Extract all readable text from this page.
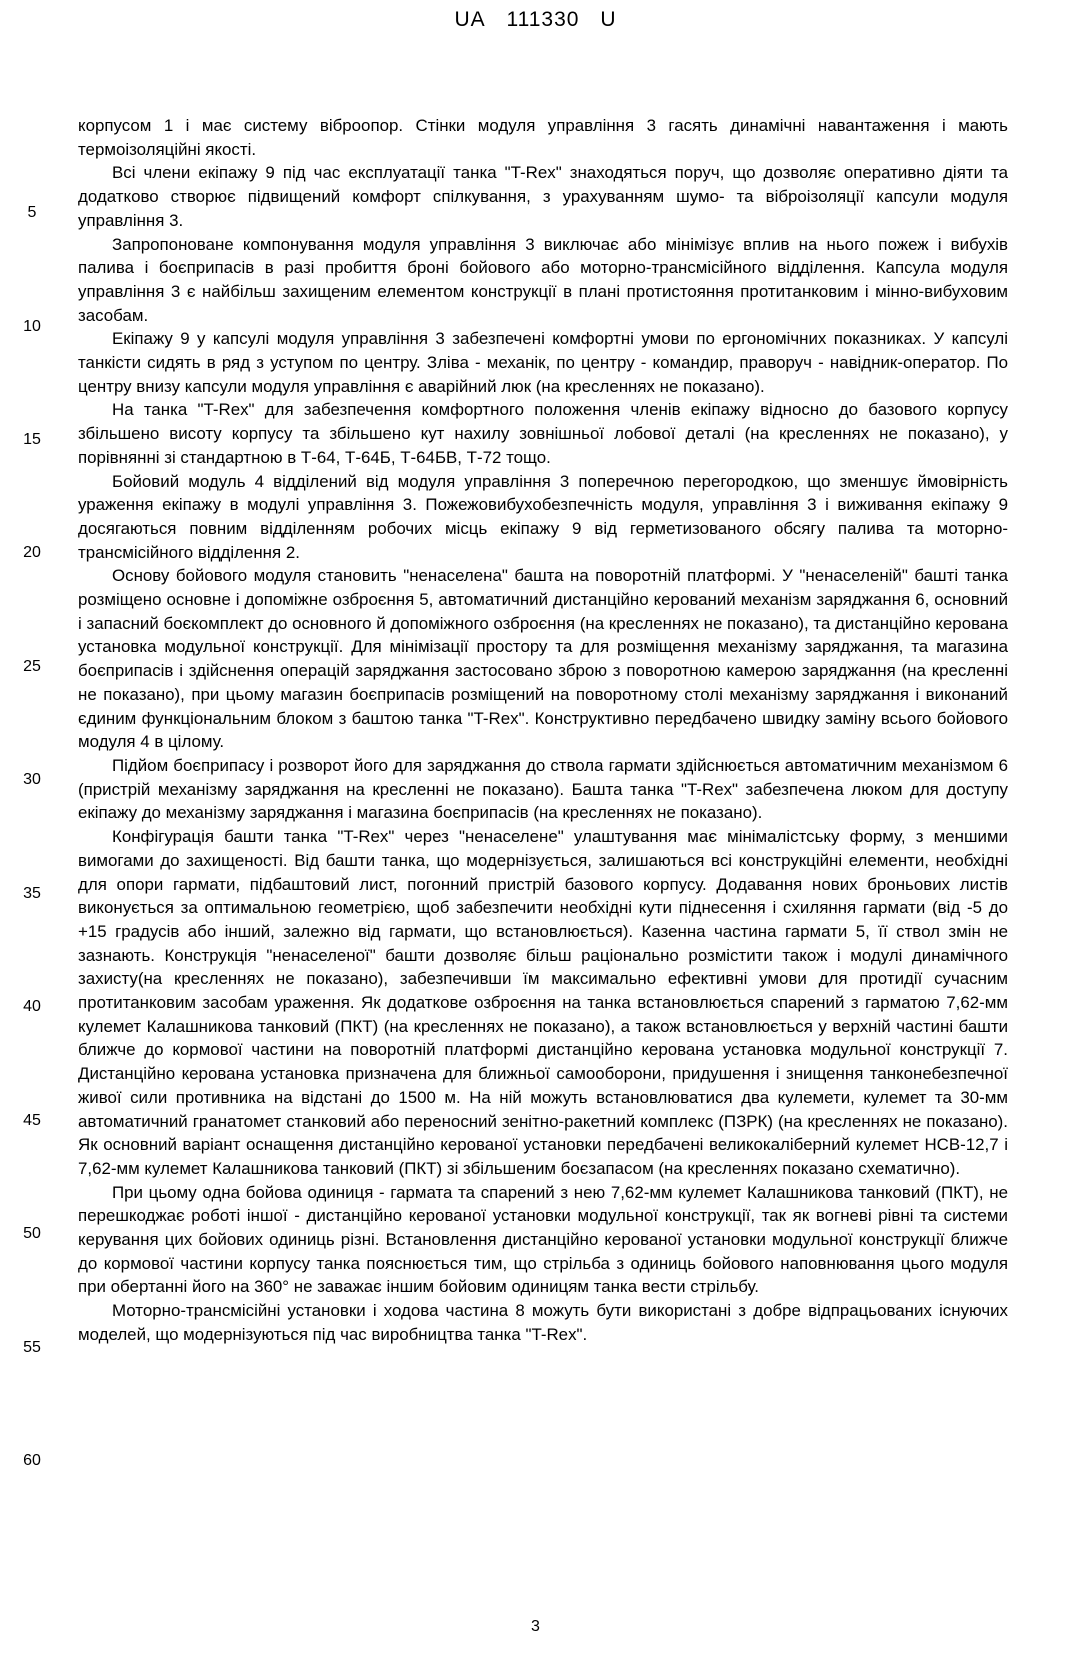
UA 111330 U

корпусом 1 і має систему віброопор. Стінки модуля управління 3 гасять динамічні навантаження і мають термоізоляційні якості.

Всі члени екіпажу 9 під час експлуатації танка "T-Rex" знаходяться поруч, що дозволяє оперативно діяти та додатково створює підвищений комфорт спілкування, з урахуванням шумо- та віброізоляції капсули модуля управління 3.

Запропоноване компонування модуля управління 3 виключає або мінімізує вплив на нього пожеж і вибухів палива і боєприпасів в разі пробиття броні бойового або моторно-трансмісійного відділення. Капсула модуля управління 3 є найбільш захищеним елементом конструкції в плані протистояння протитанковим і мінно-вибуховим засобам.

Екіпажу 9 у капсулі модуля управління 3 забезпечені комфортні умови по ергономічних показниках. У капсулі танкісти сидять в ряд з уступом по центру. Зліва - механік, по центру - командир, праворуч - навідник-оператор. По центру внизу капсули модуля управління є аварійний люк (на кресленнях не показано).

На танка "T-Rex" для забезпечення комфортного положення членів екіпажу відносно до базового корпусу збільшено висоту корпусу та збільшено кут нахилу зовнішньої лобової деталі (на кресленнях не показано), у порівнянні зі стандартною в Т-64, Т-64Б, Т-64БВ, Т-72 тощо.

Бойовий модуль 4 відділений від модуля управління 3 поперечною перегородкою, що зменшує ймовірність ураження екіпажу в модулі управління 3. Пожежовибухобезпечність модуля, управління 3 і виживання екіпажу 9 досягаються повним відділенням робочих місць екіпажу 9 від герметизованого обсягу палива та моторно-трансмісійного відділення 2.

Основу бойового модуля становить "ненаселена" башта на поворотній платформі. У "ненаселеній" башті танка розміщено основне і допоміжне озброєння 5, автоматичний дистанційно керований механізм заряджання 6, основний і запасний боєкомплект до основного й допоміжного озброєння (на кресленнях не показано), та дистанційно керована установка модульної конструкції. Для мінімізації простору та для розміщення механізму заряджання, та магазина боєприпасів і здійснення операцій заряджання застосовано зброю з поворотною камерою заряджання (на кресленні не показано), при цьому магазин боєприпасів розміщений на поворотному столі механізму заряджання і виконаний єдиним функціональним блоком з баштою танка "T-Rex". Конструктивно передбачено швидку заміну всього бойового модуля 4 в цілому.

Підйом боєприпасу і розворот його для заряджання до ствола гармати здійснюється автоматичним механізмом 6 (пристрій механізму заряджання на кресленні не показано). Башта танка "T-Rex" забезпечена люком для доступу екіпажу до механізму заряджання і магазина боєприпасів (на кресленнях не показано).

Конфігурація башти танка "T-Rex" через "ненаселене" улаштування має мінімалістську форму, з меншими вимогами до захищеності. Від башти танка, що модернізується, залишаються всі конструкційні елементи, необхідні для опори гармати, підбаштовий лист, погонний пристрій базового корпусу. Додавання нових броньових листів виконується за оптимальною геометрією, щоб забезпечити необхідні кути піднесення і схиляння гармати (від -5 до +15 градусів або інший, залежно від гармати, що встановлюється). Казенна частина гармати 5, її ствол змін не зазнають. Конструкція "ненаселеної" башти дозволяє більш раціонально розмістити також і модулі динамічного захисту(на кресленнях не показано), забезпечивши їм максимально ефективні умови для протидії сучасним протитанковим засобам ураження. Як додаткове озброєння на танка встановлюється спарений з гарматою 7,62-мм кулемет Калашникова танковий (ПКТ) (на кресленнях не показано), а також встановлюється у верхній частині башти ближче до кормової частини на поворотній платформі дистанційно керована установка модульної конструкції 7. Дистанційно керована установка призначена для ближньої самооборони, придушення і знищення танконебезпечної живої сили противника на відстані до 1500 м. На ній можуть встановлюватися два кулемети, кулемет та 30-мм автоматичний гранатомет станковий або переносний зенітно-ракетний комплекс (ПЗРК) (на кресленнях не показано). Як основний варіант оснащення дистанційно керованої установки передбачені великокаліберний кулемет НСВ-12,7 і 7,62-мм кулемет Калашникова танковий (ПКТ) зі збільшеним боєзапасом (на кресленнях показано схематично).

При цьому одна бойова одиниця - гармата та спарений з нею 7,62-мм кулемет Калашникова танковий (ПКТ), не перешкоджає роботі іншої - дистанційно керованої установки модульної конструкції, так як вогневі рівні та системи керування цих бойових одиниць різні. Встановлення дистанційно керованої установки модульної конструкції ближче до кормової частини корпусу танка пояснюється тим, що стрільба з одиниць бойового наповнювання цього модуля при обертанні його на 360° не заважає іншим бойовим одиницям танка вести стрільбу.

Моторно-трансмісійні установки і ходова частина 8 можуть бути використані з добре відпрацьованих існуючих моделей, що модернізуються під час виробництва танка "T-Rex".

5
10
15
20
25
30
35
40
45
50
55
60
3
